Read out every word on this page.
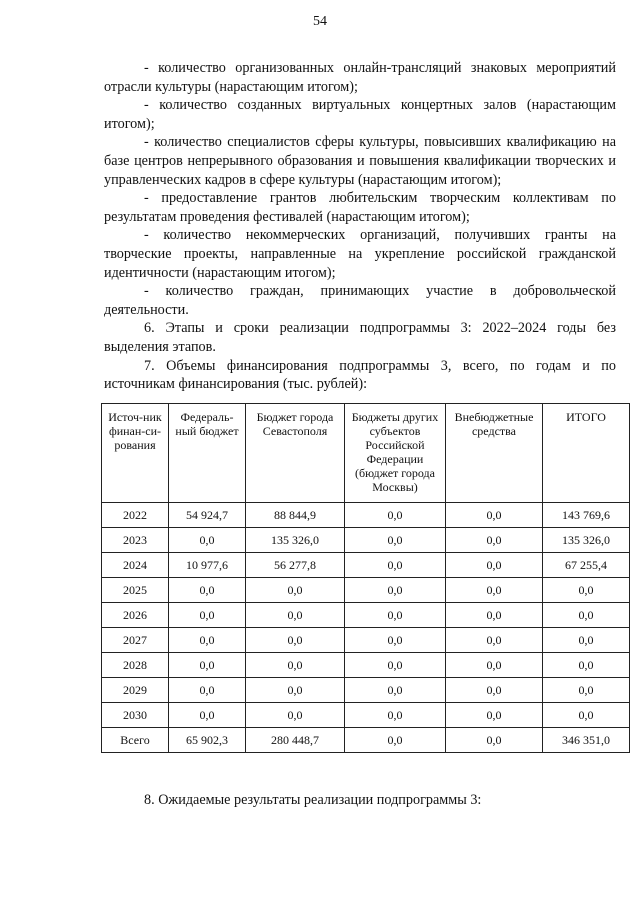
54

- количество организованных онлайн-трансляций знаковых мероприятий отрасли культуры (нарастающим итогом);

- количество созданных виртуальных концертных залов (нарастающим итогом);

- количество специалистов сферы культуры, повысивших квалификацию на базе центров непрерывного образования и повышения квалификации творческих и управленческих кадров в сфере культуры (нарастающим итогом);

- предоставление грантов любительским творческим коллективам по результатам проведения фестивалей (нарастающим итогом);

- количество некоммерческих организаций, получивших гранты на творческие проекты, направленные на укрепление российской гражданской идентичности (нарастающим итогом);

- количество граждан, принимающих участие в добровольческой деятельности.

6. Этапы и сроки реализации подпрограммы 3: 2022–2024 годы без выделения этапов.

7. Объемы финансирования подпрограммы 3, всего, по годам и по источникам финансирования (тыс. рублей):

Источ-ник финан-си-рования	Федераль-ный бюджет	Бюджет города Севастополя	Бюджеты других субъектов Российской Федерации (бюджет города Москвы)	Внебюджетные средства	ИТОГО
2022	54 924,7	88 844,9	0,0	0,0	143 769,6
2023	0,0	135 326,0	0,0	0,0	135 326,0
2024	10 977,6	56 277,8	0,0	0,0	67 255,4
2025	0,0	0,0	0,0	0,0	0,0
2026	0,0	0,0	0,0	0,0	0,0
2027	0,0	0,0	0,0	0,0	0,0
2028	0,0	0,0	0,0	0,0	0,0
2029	0,0	0,0	0,0	0,0	0,0
2030	0,0	0,0	0,0	0,0	0,0
Всего	65 902,3	280 448,7	0,0	0,0	346 351,0
8. Ожидаемые результаты реализации подпрограммы 3:
